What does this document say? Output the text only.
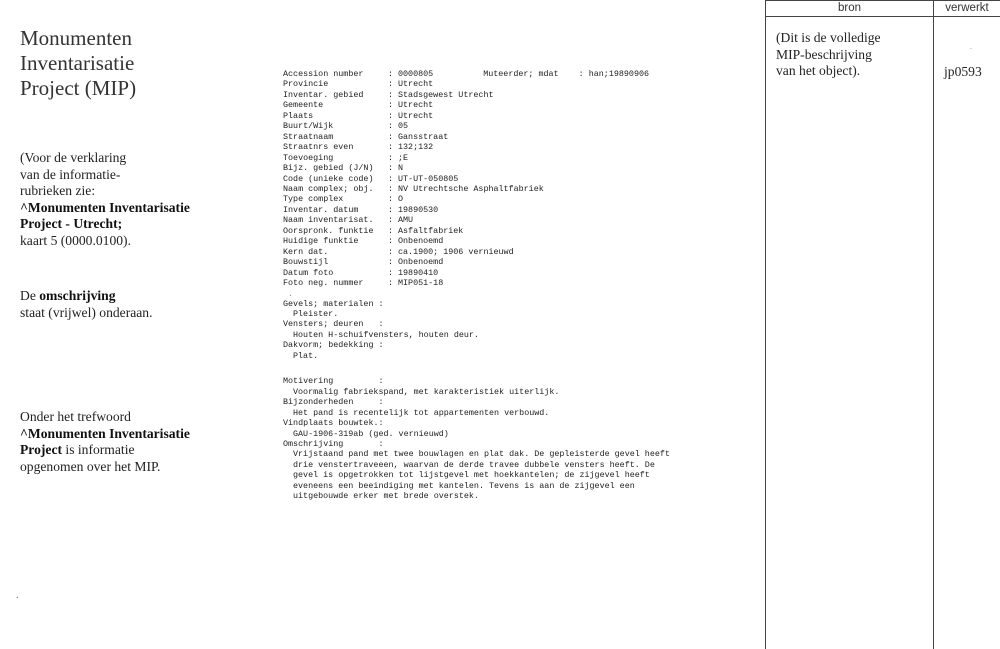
Monumenten
Inventarisatie
Project (MIP)
(Voor de verklaring
van de informatie-
rubrieken zie:
^Monumenten Inventarisatie
Project - Utrecht;
kaart 5 (0000.0100).
De omschrijving
staat (vrijwel) onderaan.
Onder het trefwoord
^Monumenten Inventarisatie
Project is informatie
opgenomen over het MIP.
.
Accession number	: 0000805	Muteerder; mdat    : han;19890906
Provincie	: Utrecht
Inventar. gebied	: Stadsgewest Utrecht
Gemeente	: Utrecht
Plaats	: Utrecht
Buurt/Wijk	: 05
Straatnaam	: Gansstraat
Straatnrs even	: 132;132
Toevoeging	: ;E
Bijz. gebied (J/N)	: N
Code (unieke code)	: UT-UT-050805
Naam complex; obj.	: NV Utrechtsche Asphaltfabriek
Type complex	: O
Inventar. datum	: 19890530
Naam inventarisat.	: AMU
Oorspronk. funktie	: Asfaltfabriek
Huidige funktie	: Onbenoemd
Kern dat.	: ca.1900; 1906 vernieuwd
Bouwstijl	: Onbenoemd
Datum foto	: 19890410
Foto neg. nummer	: MIP051-18
.
Gevels; materialen :
Pleister.
Vensters; deuren   :
Houten H-schuifvensters, houten deur.
Dakvorm; bedekking :
Plat.
Motivering         :
Voormalig fabriekspand, met karakteristiek uiterlijk.
Bijzonderheden     :
Het pand is recentelijk tot appartementen verbouwd.
Vindplaats bouwtek.:
GAU-1906-319ab (ged. vernieuwd)
Omschrijving       :
Vrijstaand pand met twee bouwlagen en plat dak. De gepleisterde gevel heeft
drie venstertraveeen, waarvan de derde travee dubbele vensters heeft. De
gevel is opgetrokken tot lijstgevel met hoekkantelen; de zijgevel heeft
eveneens een beeindiging met kantelen. Tevens is aan de zijgevel een
uitgebouwde erker met brede overstek.
bron	verwerkt
(Dit is de volledige
MIP-beschrijving
van het object).
.
jp0593
